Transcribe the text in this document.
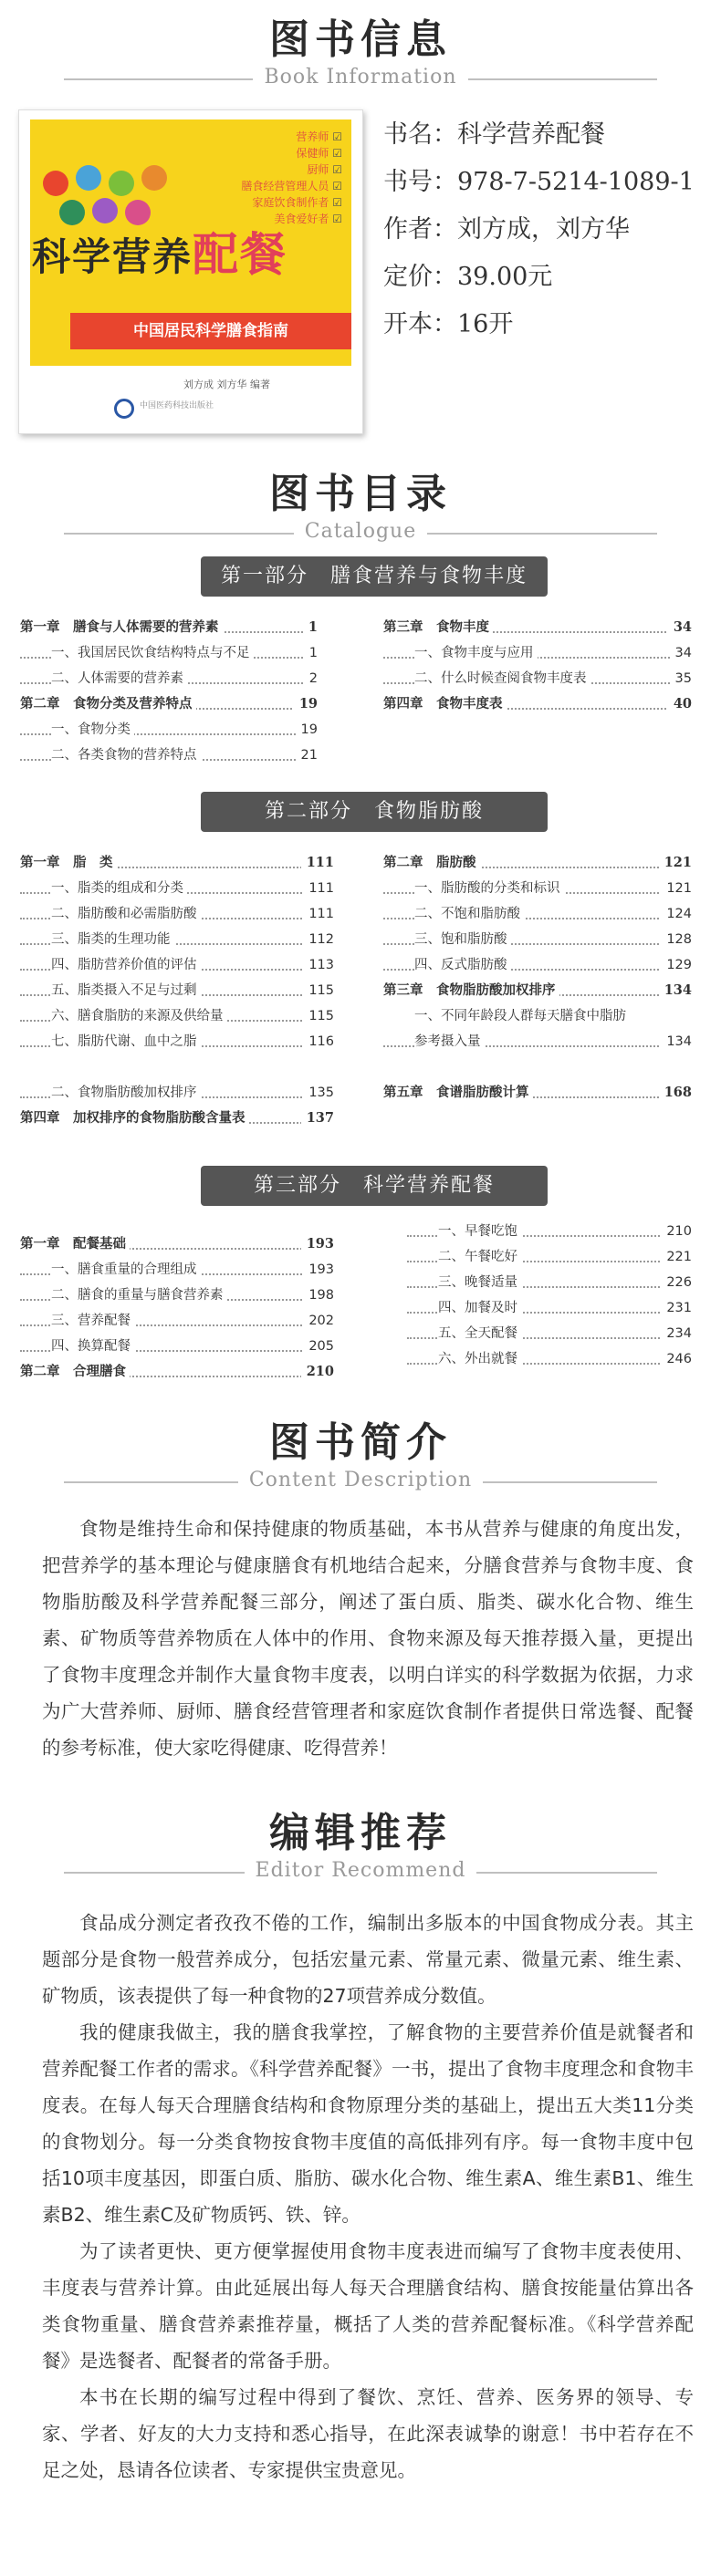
图书信息
Book Information
营养师 ☑
保健师 ☑
厨师 ☑
膳食经营管理人员 ☑
家庭饮食制作者 ☑
美食爱好者 ☑
科学营养配餐
中国居民科学膳食指南
刘方成 刘方华 编著
中国医药科技出版社
书名：科学营养配餐
书号：978-7-5214-1089-1
作者：刘方成，刘方华
定价：39.00元
开本：16开
图书目录
Catalogue
第一部分　膳食营养与食物丰度
第一章　膳食与人体需要的营养素	1
一、我国居民饮食结构特点与不足	1
二、人体需要的营养素	2
第二章　食物分类及营养特点	19
一、食物分类	19
二、各类食物的营养特点	21
第三章　食物丰度	34
一、食物丰度与应用	34
二、什么时候查阅食物丰度表	35
第四章　食物丰度表	40
第二部分　食物脂肪酸
第一章　脂　类	111
一、脂类的组成和分类	111
二、脂肪酸和必需脂肪酸	111
三、脂类的生理功能	112
四、脂肪营养价值的评估	113
五、脂类摄入不足与过剩	115
六、膳食脂肪的来源及供给量	115
七、脂肪代谢、血中之脂	116
二、食物脂肪酸加权排序	135
第四章　加权排序的食物脂肪酸含量表	137
第二章　脂肪酸	121
一、脂肪酸的分类和标识	121
二、不饱和脂肪酸	124
三、饱和脂肪酸	128
四、反式脂肪酸	129
第三章　食物脂肪酸加权排序	134
一、不同年龄段人群每天膳食中脂肪
参考摄入量	134
第五章　食谱脂肪酸计算	168
第三部分　科学营养配餐
第一章　配餐基础	193
一、膳食重量的合理组成	193
二、膳食的重量与膳食营养素	198
三、营养配餐	202
四、换算配餐	205
第二章　合理膳食	210
一、早餐吃饱	210
二、午餐吃好	221
三、晚餐适量	226
四、加餐及时	231
五、全天配餐	234
六、外出就餐	246
图书简介
Content Description

食物是维持生命和保持健康的物质基础，本书从营养与健康的角度出发，把营养学的基本理论与健康膳食有机地结合起来，分膳食营养与食物丰度、食物脂肪酸及科学营养配餐三部分，阐述了蛋白质、脂类、碳水化合物、维生素、矿物质等营养物质在人体中的作用、食物来源及每天推荐摄入量，更提出了食物丰度理念并制作大量食物丰度表，以明白详实的科学数据为依据，力求为广大营养师、厨师、膳食经营管理者和家庭饮食制作者提供日常选餐、配餐的参考标准，使大家吃得健康、吃得营养！

编辑推荐
Editor Recommend

食品成分测定者孜孜不倦的工作，编制出多版本的中国食物成分表。其主题部分是食物一般营养成分，包括宏量元素、常量元素、微量元素、维生素、矿物质，该表提供了每一种食物的27项营养成分数值。

我的健康我做主，我的膳食我掌控，了解食物的主要营养价值是就餐者和营养配餐工作者的需求。《科学营养配餐》一书，提出了食物丰度理念和食物丰度表。在每人每天合理膳食结构和食物原理分类的基础上，提出五大类11分类的食物划分。每一分类食物按食物丰度值的高低排列有序。每一食物丰度中包括10项丰度基因，即蛋白质、脂肪、碳水化合物、维生素A、维生素B1、维生素B2、维生素C及矿物质钙、铁、锌。

为了读者更快、更方便掌握使用食物丰度表进而编写了食物丰度表使用、丰度表与营养计算。由此延展出每人每天合理膳食结构、膳食按能量估算出各类食物重量、膳食营养素推荐量，概括了人类的营养配餐标准。《科学营养配餐》是选餐者、配餐者的常备手册。

本书在长期的编写过程中得到了餐饮、烹饪、营养、医务界的领导、专家、学者、好友的大力支持和悉心指导，在此深表诚挚的谢意！书中若存在不足之处，恳请各位读者、专家提供宝贵意见。
